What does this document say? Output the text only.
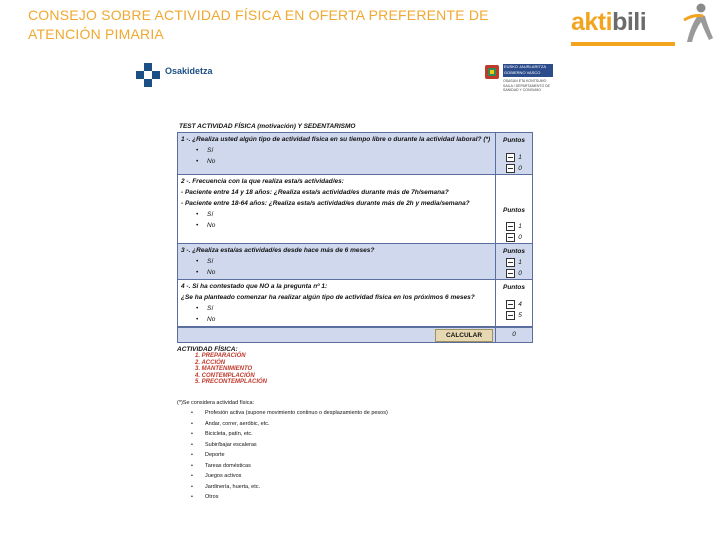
CONSEJO SOBRE ACTIVIDAD FÍSICA EN OFERTA PREFERENTE DE
ATENCIÓN PIMARIA	aktibili
Osakidetza	EUSKO JAURLARITZA
GOBIERNO VASCO
OSASUN ETA KONTSUMO SAILA / DEPARTAMENTO DE SANIDAD Y CONSUMO
TEST ACTIVIDAD FÍSICA (motivación) Y SEDENTARISMO
1 -. ¿Realiza usted algún tipo de actividad física en su tiempo libre o durante la actividad laboral? (*)
• Sí
• No
Puntos
1
0
2 -. Frecuencia con la que realiza esta/s actividad/es:
- Paciente entre 14 y 18 años: ¿Realiza esta/s actividad/es durante más de 7h/semana?
- Paciente entre 18-64 años: ¿Realiza esta/s actividad/es durante más de 2h y media/semana?
• Sí
• No
Puntos
1
0
3 -. ¿Realiza esta/as actividad/es desde hace más de 6 meses?
• Sí
• No
Puntos
1
0
4 -. Si ha contestado que NO a la pregunta nº 1:
¿Se ha planteado comenzar ha realizar algún tipo de actividad física en los próximos 6 meses?
• Sí
• No
Puntos
4
5
CALCULAR	0
ACTIVIDAD FÍSICA:
1. PREPARACIÓN
2. ACCIÓN
3. MANTENIMIENTO
4. CONTEMPLACIÓN
5. PRECONTEMPLACIÓN
(*)Se considera actividad física:
• Profesión activa (supone movimiento continuo o desplazamiento de pesos)
• Andar, correr, aeróbic, etc.
• Bicicleta, patín, etc.
• Subir/bajar escaleras
• Deporte
• Tareas domésticas
• Juegos activos
• Jardinería, huerta, etc.
• Otros
